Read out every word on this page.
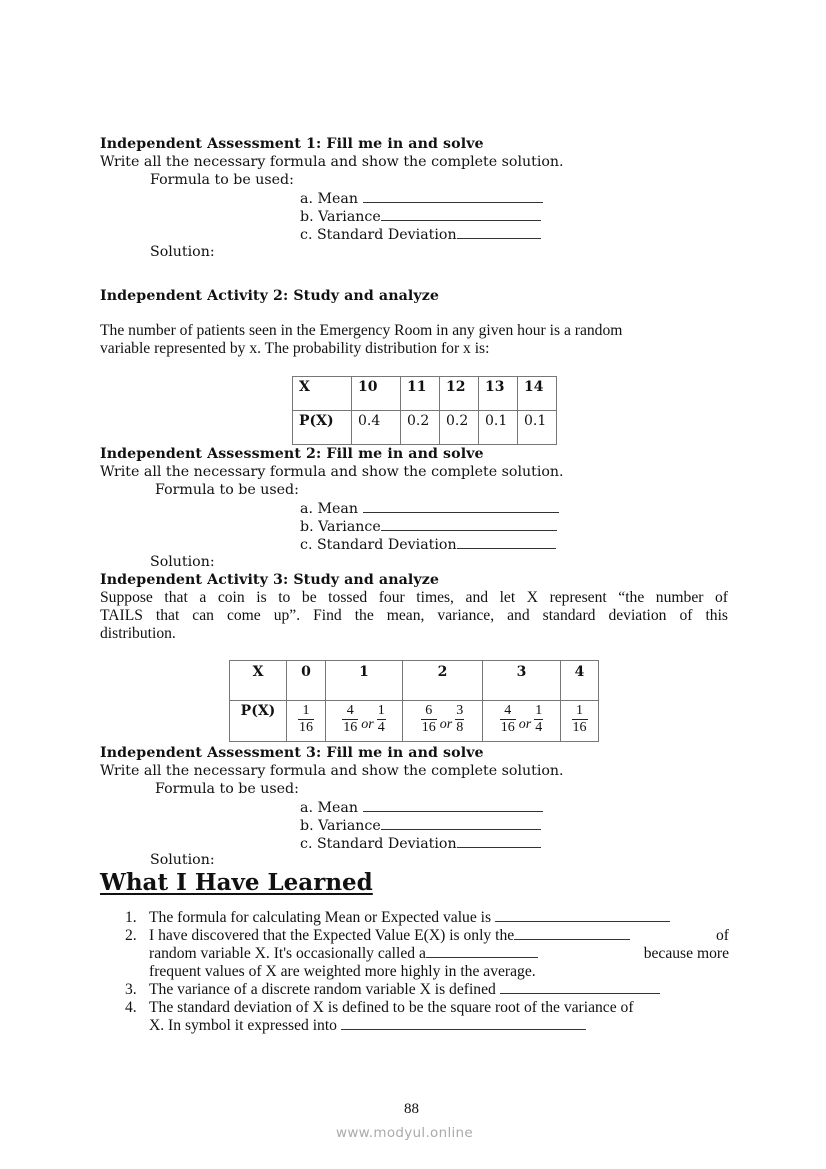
Independent Assessment 1: Fill me in and solve
Write all the necessary formula and show the complete solution.
Formula to be used:
a. Mean
b. Variance
c. Standard Deviation
Solution:
Independent Activity 2: Study and analyze
The number of patients seen in the Emergency Room in any given hour is a random
variable represented by x. The probability distribution for x is:
X	10	11	12	13	14
P(X)	0.4	0.2	0.2	0.1	0.1
Independent Assessment 2: Fill me in and solve
Write all the necessary formula and show the complete solution.
Formula to be used:
a. Mean
b. Variance
c. Standard Deviation
Solution:
Independent Activity 3: Study and analyze
Suppose that a coin is to be tossed four times, and let X represent “the number of
TAILS that can come up”. Find the mean, variance, and standard deviation of this
distribution.
X	0	1	2	3	4
P(X)	$\frac{1}{16}$	$\frac{4}{16}$ or $\frac{1}{4}$	$\frac{6}{16}$ or $\frac{3}{8}$	$\frac{4}{16}$ or $\frac{1}{4}$	$\frac{1}{16}$
Independent Assessment 3: Fill me in and solve
Write all the necessary formula and show the complete solution.
Formula to be used:
a. Mean
b. Variance
c. Standard Deviation
Solution:
What I Have Learned
1. The formula for calculating Mean or Expected value is
2. I have discovered that the Expected Value E(X) is only the	of
random variable X. It's occasionally called a	because more
frequent values of X are weighted more highly in the average.
3. The variance of a discrete random variable X is defined
4. The standard deviation of X is defined to be the square root of the variance of
X. In symbol it expressed into
88
www.modyul.online
